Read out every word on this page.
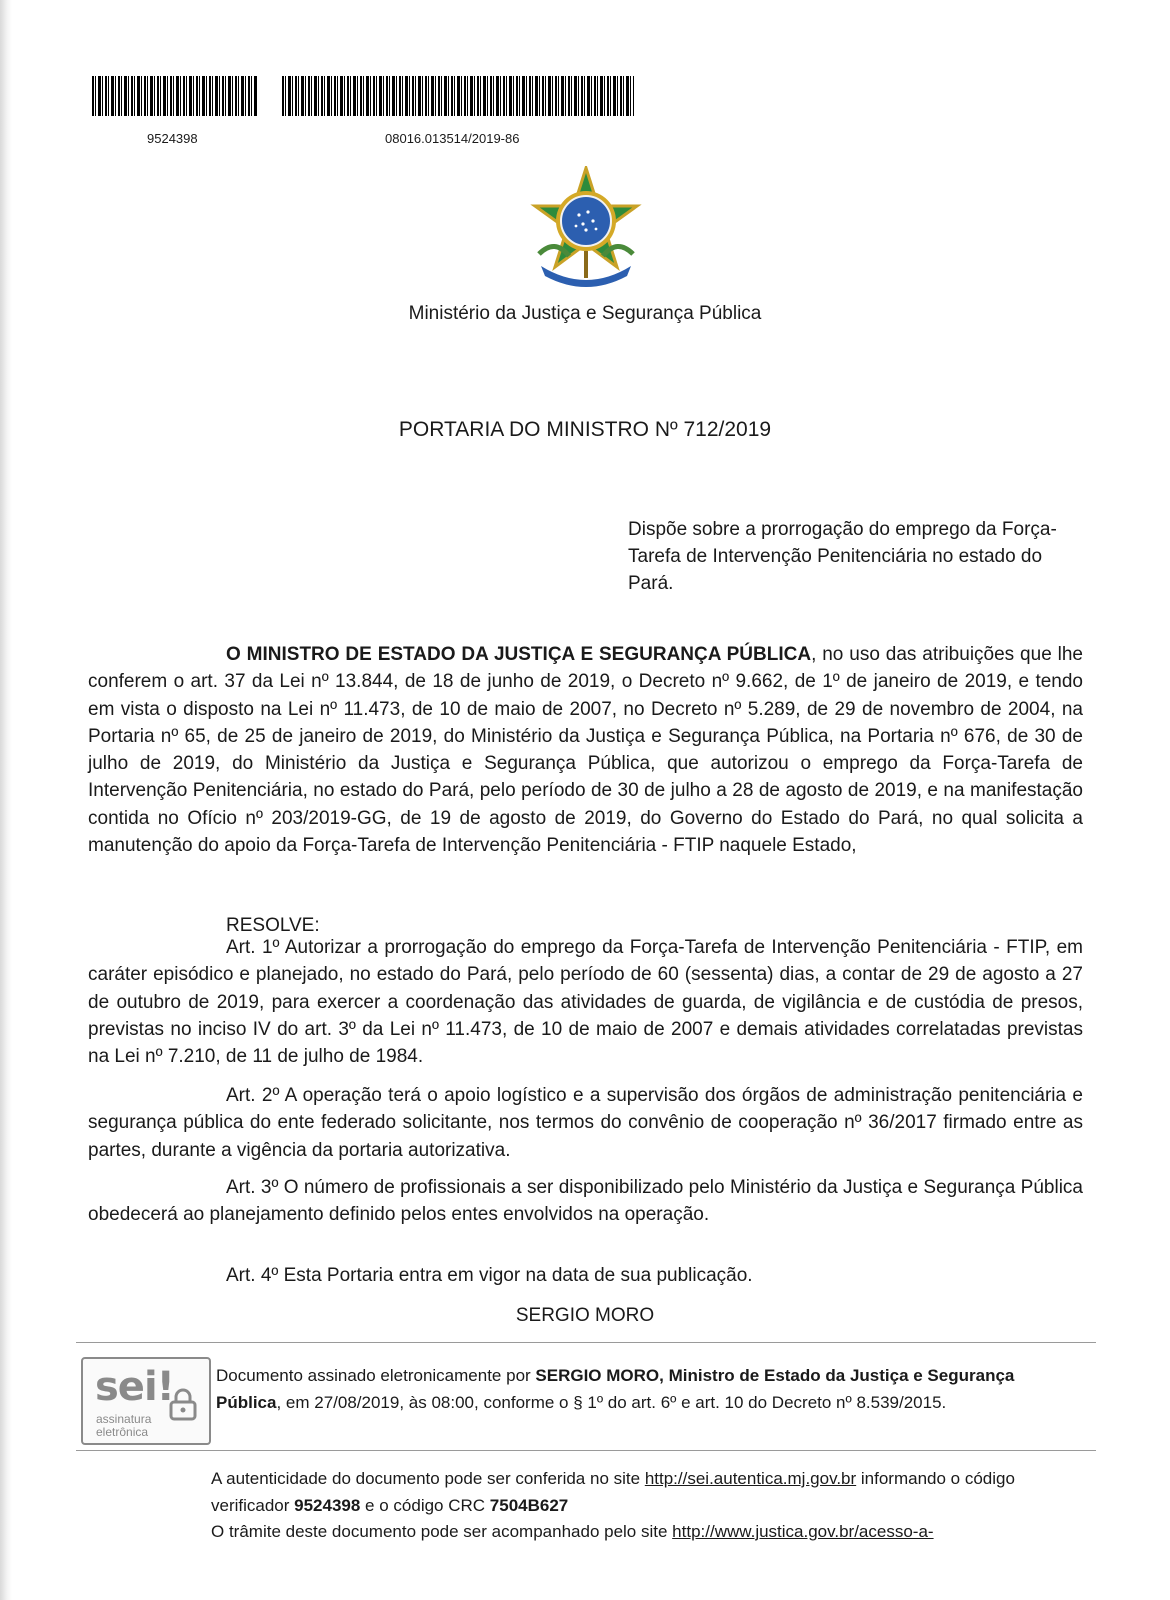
9524398	08016.013514/2019-86
Ministério da Justiça e Segurança Pública
PORTARIA DO MINISTRO Nº 712/2019
Dispõe sobre a prorrogação do emprego da Força-Tarefa de Intervenção Penitenciária no estado do Pará.

O MINISTRO DE ESTADO DA JUSTIÇA E SEGURANÇA PÚBLICA, no uso das atribuições que lhe conferem o art. 37 da Lei nº 13.844, de 18 de junho de 2019, o Decreto nº 9.662, de 1º de janeiro de 2019, e tendo em vista o disposto na Lei nº 11.473, de 10 de maio de 2007, no Decreto nº 5.289, de 29 de novembro de 2004, na Portaria nº 65, de 25 de janeiro de 2019, do Ministério da Justiça e Segurança Pública, na Portaria nº 676, de 30 de julho de 2019, do Ministério da Justiça e Segurança Pública, que autorizou o emprego da Força-Tarefa de Intervenção Penitenciária, no estado do Pará, pelo período de 30 de julho a 28 de agosto de 2019, e na manifestação contida no Ofício nº 203/2019-GG, de 19 de agosto de 2019, do Governo do Estado do Pará, no qual solicita a manutenção do apoio da Força-Tarefa de Intervenção Penitenciária - FTIP naquele Estado,

RESOLVE:

Art. 1º Autorizar a prorrogação do emprego da Força-Tarefa de Intervenção Penitenciária - FTIP, em caráter episódico e planejado, no estado do Pará, pelo período de 60 (sessenta) dias, a contar de 29 de agosto a 27 de outubro de 2019, para exercer a coordenação das atividades de guarda, de vigilância e de custódia de presos, previstas no inciso IV do art. 3º da Lei nº 11.473, de 10 de maio de 2007 e demais atividades correlatadas previstas na Lei nº 7.210, de 11 de julho de 1984.

Art. 2º A operação terá o apoio logístico e a supervisão dos órgãos de administração penitenciária e segurança pública do ente federado solicitante, nos termos do convênio de cooperação nº 36/2017 firmado entre as partes, durante a vigência da portaria autorizativa.

Art. 3º O número de profissionais a ser disponibilizado pelo Ministério da Justiça e Segurança Pública obedecerá ao planejamento definido pelos entes envolvidos na operação.

Art. 4º Esta Portaria entra em vigor na data de sua publicação.
SERGIO MORO
sei!
assinatura
eletrônica
Documento assinado eletronicamente por SERGIO MORO, Ministro de Estado da Justiça e Segurança Pública, em 27/08/2019, às 08:00, conforme o § 1º do art. 6º e art. 10 do Decreto nº 8.539/2015.
A autenticidade do documento pode ser conferida no site http://sei.autentica.mj.gov.br informando o código verificador 9524398 e o código CRC 7504B627
O trâmite deste documento pode ser acompanhado pelo site http://www.justica.gov.br/acesso-a-
